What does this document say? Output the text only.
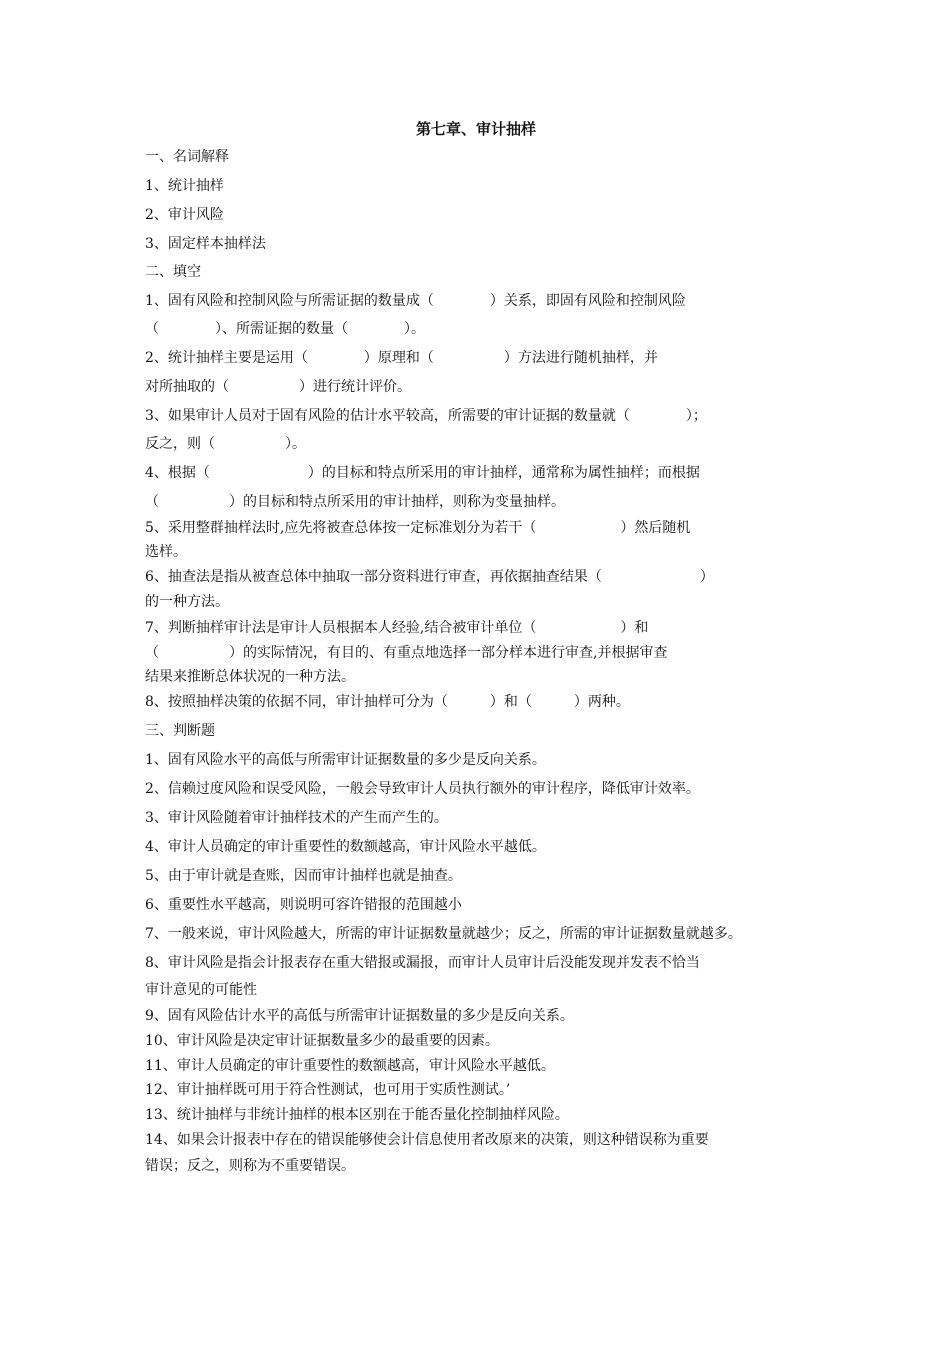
第七章、审计抽样

一、名词解释

1、统计抽样

2、审计风险

3、固定样本抽样法

二、填空

1、固有风险和控制风险与所需证据的数量成（　　　　）关系，即固有风险和控制风险

（　　　　）、所需证据的数量（　　　　）。

2、统计抽样主要是运用（　　　　）原理和（　　　　　）方法进行随机抽样，并

对所抽取的（　　　　　）进行统计评价。

3、如果审计人员对于固有风险的估计水平较高，所需要的审计证据的数量就（　　　　）；

反之，则（　　　　　）。

4、根据（　　　　　　　）的目标和特点所采用的审计抽样，通常称为属性抽样；而根据

（　　　　　）的目标和特点所采用的审计抽样，则称为变量抽样。

5、采用整群抽样法时,应先将被查总体按一定标准划分为若干（　　　　　　）然后随机

选样。

6、抽查法是指从被查总体中抽取一部分资料进行审查，再依据抽查结果（　　　　　　　）

的一种方法。

7、判断抽样审计法是审计人员根据本人经验,结合被审计单位（　　　　　　）和

（　　　　　）的实际情况，有目的、有重点地选择一部分样本进行审查,并根据审查

结果来推断总体状况的一种方法。

8、按照抽样决策的依据不同，审计抽样可分为（　　　）和（　　　）两种。

三、判断题

1、固有风险水平的高低与所需审计证据数量的多少是反向关系。

2、信赖过度风险和误受风险，一般会导致审计人员执行额外的审计程序，降低审计效率。

3、审计风险随着审计抽样技术的产生而产生的。

4、审计人员确定的审计重要性的数额越高，审计风险水平越低。

5、由于审计就是查账，因而审计抽样也就是抽查。

6、重要性水平越高，则说明可容许错报的范围越小

7、一般来说，审计风险越大，所需的审计证据数量就越少；反之，所需的审计证据数量就越多。

8、审计风险是指会计报表存在重大错报或漏报，而审计人员审计后没能发现并发表不恰当

审计意见的可能性

9、固有风险估计水平的高低与所需审计证据数量的多少是反向关系。

10、审计风险是决定审计证据数量多少的最重要的因素。

11、审计人员确定的审计重要性的数额越高，审计风险水平越低。

12、审计抽样既可用于符合性测试，也可用于实质性测试。’

13、统计抽样与非统计抽样的根本区别在于能否量化控制抽样风险。

14、如果会计报表中存在的错误能够使会计信息使用者改原来的决策，则这种错误称为重要

错误；反之，则称为不重要错误。
